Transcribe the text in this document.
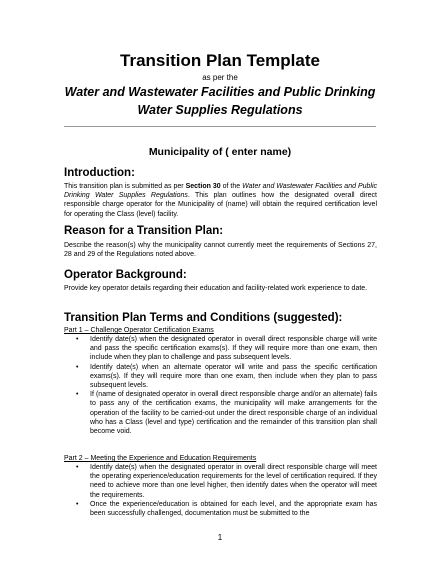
Transition Plan Template
as per the
Water and Wastewater Facilities and Public Drinking
Water Supplies Regulations
Municipality of ( enter name)
Introduction:

This transition plan is submitted as per Section 30 of the Water and Wastewater Facilities and Public Drinking Water Supplies Regulations. This plan outlines how the designated overall direct responsible charge operator for the Municipality of (name) will obtain the required certification level for operating the Class (level) facility.

Reason for a Transition Plan:

Describe the reason(s) why the municipality cannot currently meet the requirements of Sections 27, 28 and 29 of the Regulations noted above.

Operator Background:

Provide key operator details regarding their education and facility-related work experience to date.

Transition Plan Terms and Conditions (suggested):

Part 1 – Challenge Operator Certification Exams

• Identify date(s) when the designated operator in overall direct responsible charge will write and pass the specific certification exams(s). If they will require more than one exam, then include when they plan to challenge and pass subsequent levels.
• Identify date(s) when an alternate operator will write and pass the specific certification exams(s). If they will require more than one exam, then include when they plan to pass subsequent levels.
• If (name of designated operator in overall direct responsible charge and/or an alternate) fails to pass any of the certification exams, the municipality will make arrangements for the operation of the facility to be carried-out under the direct responsible charge of an individual who has a Class (level and type) certification and the remainder of this transition plan shall become void.

Part 2 – Meeting the Experience and Education Requirements

• Identify date(s) when the designated operator in overall direct responsible charge will meet the operating experience/education requirements for the level of certification required. If they need to achieve more than one level higher, then identify dates when the operator will meet the requirements.
• Once the experience/education is obtained for each level, and the appropriate exam has been successfully challenged, documentation must be submitted to the
1
